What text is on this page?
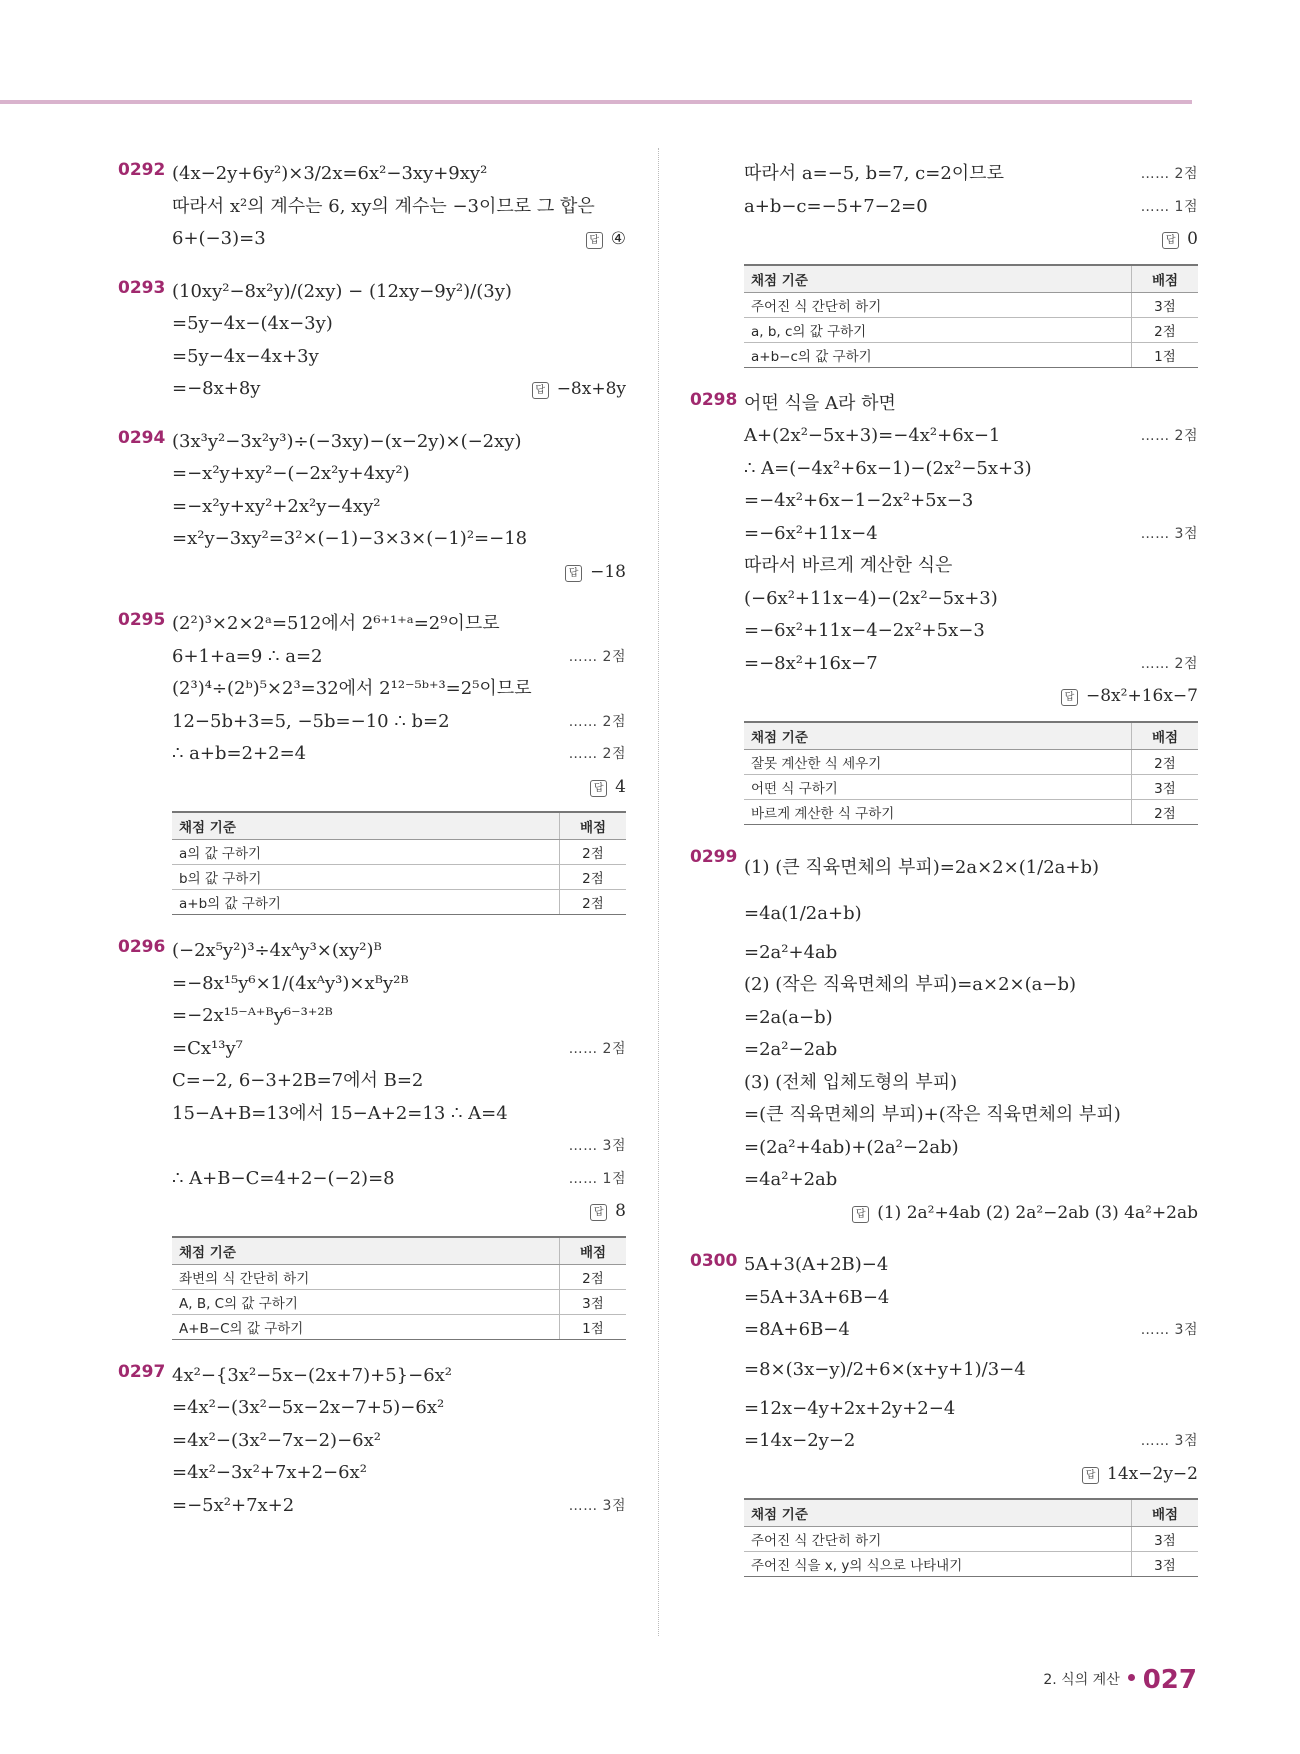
0292 (4x−2y+6y²)×3/2x=6x²−3xy+9xy²
따라서 x²의 계수는 6, xy의 계수는 −3이므로 그 합은
6+(−3)=3	답 ④
0293 (10xy²−8x²y)/(2xy) − (12xy−9y²)/(3y)
=5y−4x−(4x−3y)
=5y−4x−4x+3y
=−8x+8y	답 −8x+8y
0294 (3x³y²−3x²y³)÷(−3xy)−(x−2y)×(−2xy)
=−x²y+xy²−(−2x²y+4xy²)
=−x²y+xy²+2x²y−4xy²
=x²y−3xy²=3²×(−1)−3×3×(−1)²=−18
답 −18
0295 (2²)³×2×2ᵃ=512에서 2⁶⁺¹⁺ᵃ=2⁹이므로
6+1+a=9 ∴ a=2	…… 2점
(2³)⁴÷(2ᵇ)⁵×2³=32에서 2¹²⁻⁵ᵇ⁺³=2⁵이므로
12−5b+3=5, −5b=−10 ∴ b=2	…… 2점
∴ a+b=2+2=4	…… 2점
답 4
채점 기준	배점
a의 값 구하기	2점
b의 값 구하기	2점
a+b의 값 구하기	2점
0296 (−2x⁵y²)³÷4xᴬy³×(xy²)ᴮ
=−8x¹⁵y⁶×1/(4xᴬy³)×xᴮy²ᴮ
=−2x¹⁵⁻ᴬ⁺ᴮy⁶⁻³⁺²ᴮ
=Cx¹³y⁷	…… 2점
C=−2, 6−3+2B=7에서 B=2
15−A+B=13에서 15−A+2=13 ∴ A=4
…… 3점
∴ A+B−C=4+2−(−2)=8	…… 1점
답 8
채점 기준	배점
좌변의 식 간단히 하기	2점
A, B, C의 값 구하기	3점
A+B−C의 값 구하기	1점
0297 4x²−{3x²−5x−(2x+7)+5}−6x²
=4x²−(3x²−5x−2x−7+5)−6x²
=4x²−(3x²−7x−2)−6x²
=4x²−3x²+7x+2−6x²
=−5x²+7x+2	…… 3점
따라서 a=−5, b=7, c=2이므로	…… 2점
a+b−c=−5+7−2=0	…… 1점
답 0
채점 기준	배점
주어진 식 간단히 하기	3점
a, b, c의 값 구하기	2점
a+b−c의 값 구하기	1점
0298 어떤 식을 A라 하면
A+(2x²−5x+3)=−4x²+6x−1	…… 2점
∴ A=(−4x²+6x−1)−(2x²−5x+3)
=−4x²+6x−1−2x²+5x−3
=−6x²+11x−4	…… 3점
따라서 바르게 계산한 식은
(−6x²+11x−4)−(2x²−5x+3)
=−6x²+11x−4−2x²+5x−3
=−8x²+16x−7	…… 2점
답 −8x²+16x−7
채점 기준	배점
잘못 계산한 식 세우기	2점
어떤 식 구하기	3점
바르게 계산한 식 구하기	2점
0299 (1) (큰 직육면체의 부피)=2a×2×(1/2a+b)
=4a(1/2a+b)
=2a²+4ab
(2) (작은 직육면체의 부피)=a×2×(a−b)
=2a(a−b)
=2a²−2ab
(3) (전체 입체도형의 부피)
=(큰 직육면체의 부피)+(작은 직육면체의 부피)
=(2a²+4ab)+(2a²−2ab)
=4a²+2ab
답 (1) 2a²+4ab (2) 2a²−2ab (3) 4a²+2ab
0300 5A+3(A+2B)−4
=5A+3A+6B−4
=8A+6B−4	…… 3점
=8×(3x−y)/2+6×(x+y+1)/3−4
=12x−4y+2x+2y+2−4
=14x−2y−2	…… 3점
답 14x−2y−2
채점 기준	배점
주어진 식 간단히 하기	3점
주어진 식을 x, y의 식으로 나타내기	3점
2. 식의 계산 027
